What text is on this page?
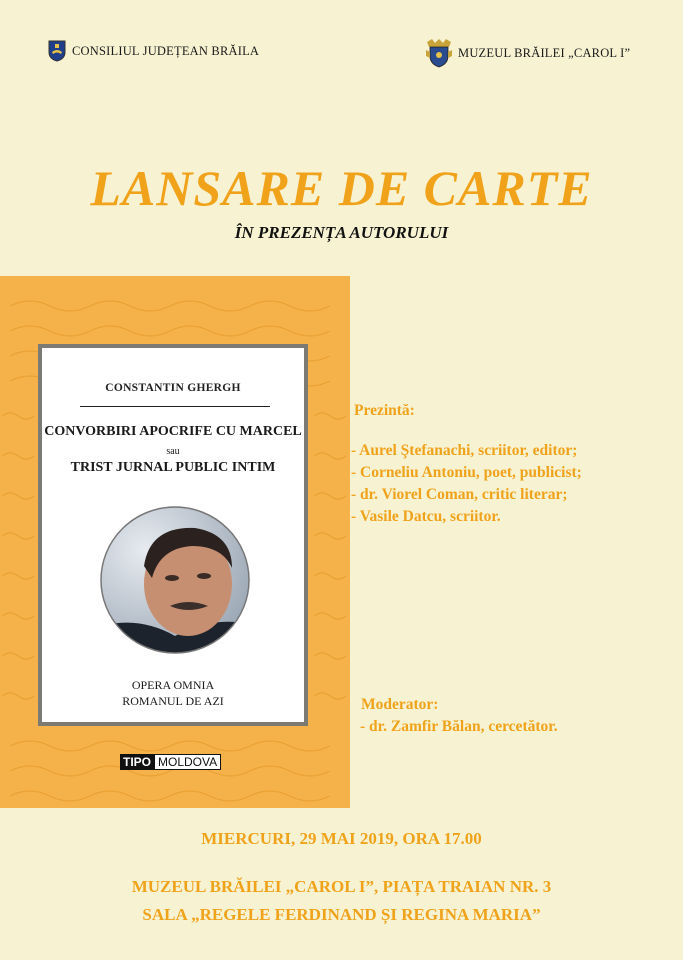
CONSILIUL JUDEȚEAN BRĂILA	MUZEUL BRĂILEI „CAROL I”
LANSARE DE CARTE
ÎN PREZENȚA AUTORULUI
CONSTANTIN GHERGH
CONVORBIRI APOCRIFE CU MARCEL
sau
TRIST JURNAL PUBLIC INTIM
OPERA OMNIA
ROMANUL DE AZI
TIPO MOLDOVA
Prezintă:
- Aurel Ştefanachi, scriitor, editor;
- Corneliu Antoniu, poet, publicist;
- dr. Viorel Coman, critic literar;
- Vasile Datcu, scriitor.
Moderator:
- dr. Zamfir Bălan, cercetător.
MIERCURI, 29 MAI 2019, ORA 17.00
MUZEUL BRĂILEI „CAROL I”, PIAȚA TRAIAN NR. 3
SALA „REGELE FERDINAND ȘI REGINA MARIA”
